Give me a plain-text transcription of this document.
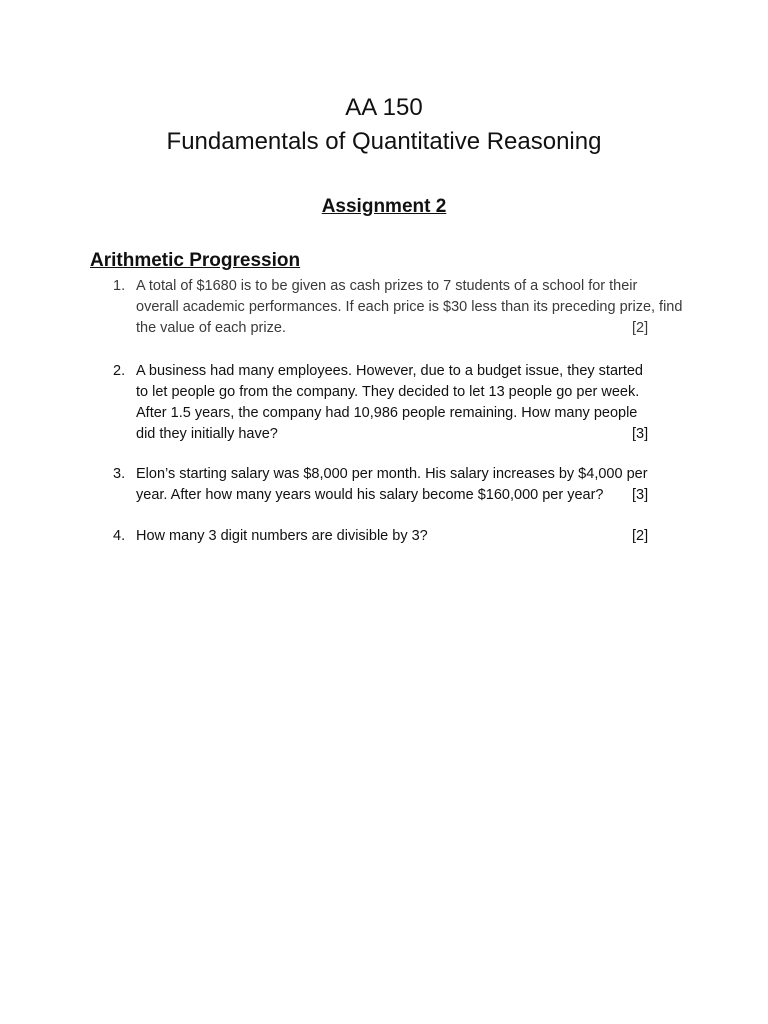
AA 150
Fundamentals of Quantitative Reasoning
Assignment 2
Arithmetic Progression
1. A total of $1680 is to be given as cash prizes to 7 students of a school for their
overall academic performances. If each price is $30 less than its preceding prize, find
the value of each prize.	[2]
2. A business had many employees. However, due to a budget issue, they started
to let people go from the company. They decided to let 13 people go per week.
After 1.5 years, the company had 10,986 people remaining. How many people
did they initially have?	[3]
3. Elon’s starting salary was $8,000 per month. His salary increases by $4,000 per
year. After how many years would his salary become $160,000 per year? [3]
4. How many 3 digit numbers are divisible by 3?	[2]
